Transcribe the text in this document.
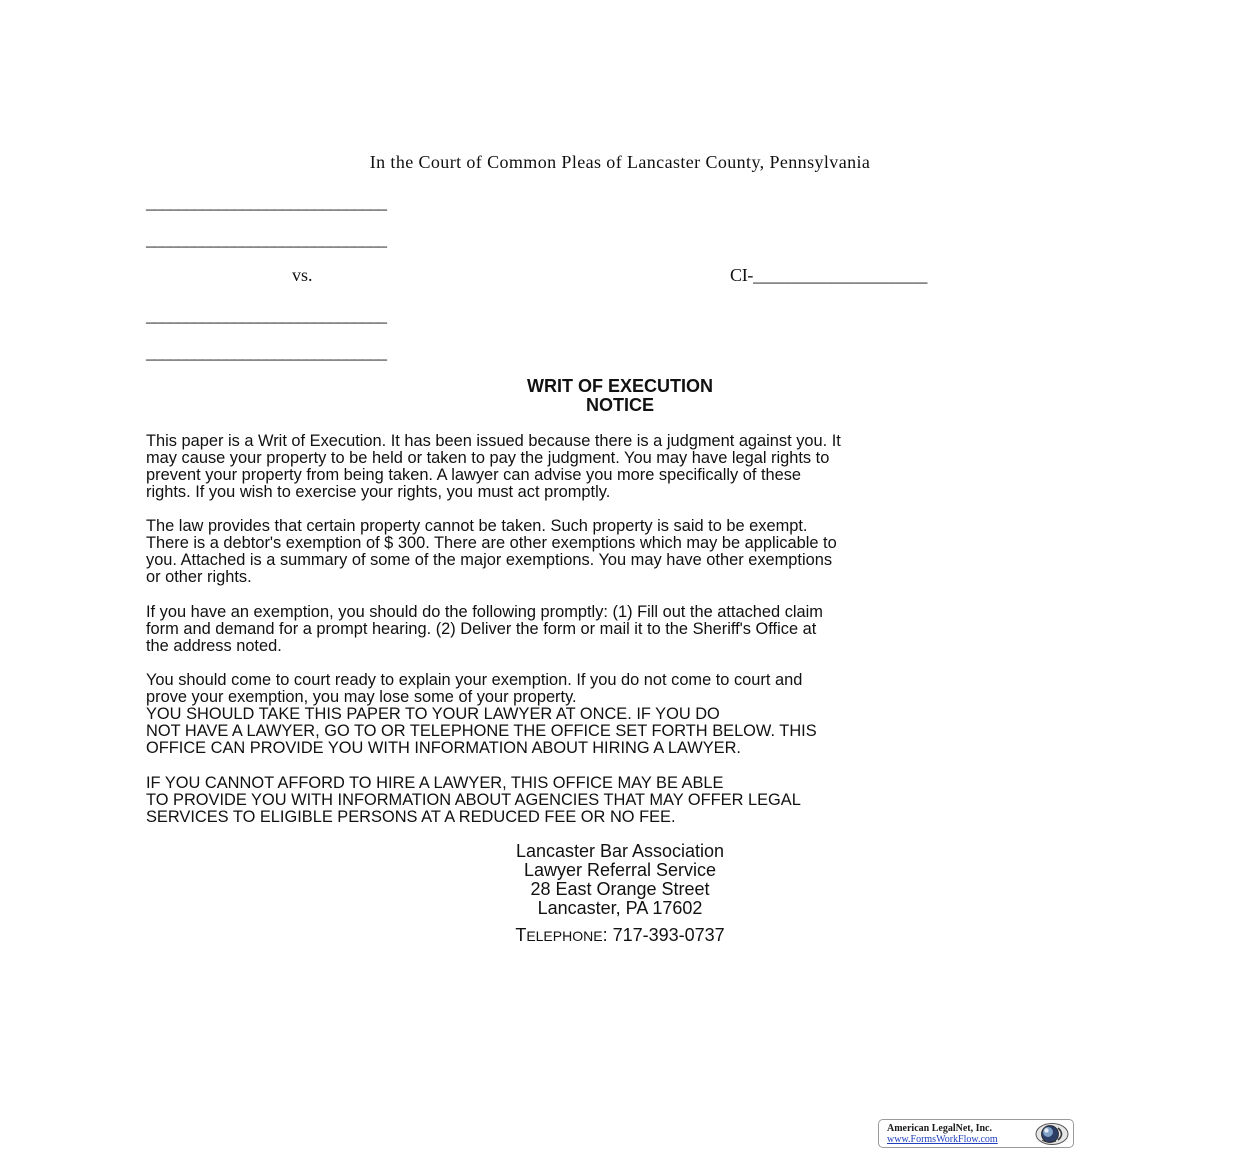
In the Court of Common Pleas of Lancaster County, Pennsylvania
______________________________
______________________________
vs.	CI-____________________
______________________________
______________________________
WRIT OF EXECUTION
NOTICE
This paper is a Writ of Execution. It has been issued because there is a judgment against you. It
may cause your property to be held or taken to pay the judgment. You may have legal rights to
prevent your property from being taken. A lawyer can advise you more specifically of these
rights. If you wish to exercise your rights, you must act promptly.
The law provides that certain property cannot be taken. Such property is said to be exempt.
There is a debtor's exemption of $ 300. There are other exemptions which may be applicable to
you. Attached is a summary of some of the major exemptions. You may have other exemptions
or other rights.
If you have an exemption, you should do the following promptly: (1) Fill out the attached claim
form and demand for a prompt hearing. (2) Deliver the form or mail it to the Sheriff's Office at
the address noted.
You should come to court ready to explain your exemption. If you do not come to court and
prove your exemption, you may lose some of your property.
YOU SHOULD TAKE THIS PAPER TO YOUR LAWYER AT ONCE. IF YOU DO
NOT HAVE A LAWYER, GO TO OR TELEPHONE THE OFFICE SET FORTH BELOW. THIS
OFFICE CAN PROVIDE YOU WITH INFORMATION ABOUT HIRING A LAWYER.
IF YOU CANNOT AFFORD TO HIRE A LAWYER, THIS OFFICE MAY BE ABLE
TO PROVIDE YOU WITH INFORMATION ABOUT AGENCIES THAT MAY OFFER LEGAL
SERVICES TO ELIGIBLE PERSONS AT A REDUCED FEE OR NO FEE.
Lancaster Bar Association
Lawyer Referral Service
28 East Orange Street
Lancaster, PA 17602
TELEPHONE: 717-393-0737
American LegalNet, Inc.
www.FormsWorkFlow.com
